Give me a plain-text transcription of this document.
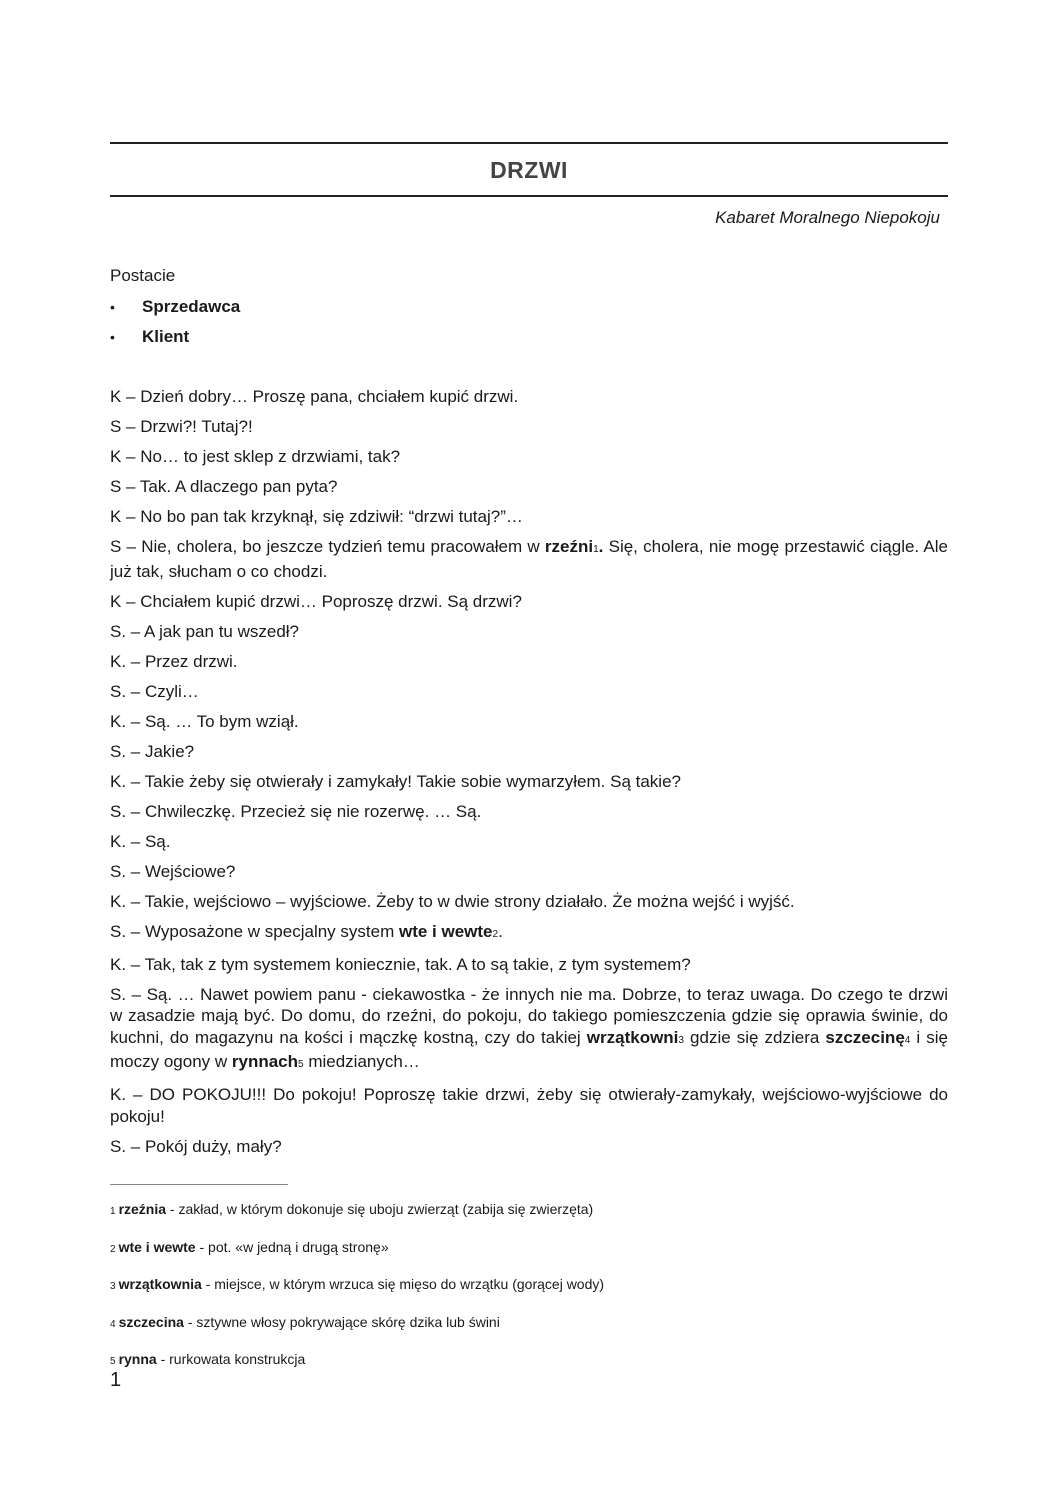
DRZWI
Kabaret Moralnego Niepokoju
Postacie
• Sprzedawca
• Klient

K – Dzień dobry… Proszę pana, chciałem kupić drzwi.

S – Drzwi?! Tutaj?!

K – No… to jest sklep z drzwiami, tak?

S – Tak. A dlaczego pan pyta?

K – No bo pan tak krzyknął, się zdziwił: “drzwi tutaj?”…

S – Nie, cholera, bo jeszcze tydzień temu pracowałem w rzeźni1. Się, cholera, nie mogę przestawić ciągle. Ale już tak, słucham o co chodzi.

K – Chciałem kupić drzwi… Poproszę drzwi. Są drzwi?

S. – A jak pan tu wszedł?

K. – Przez drzwi.

S. – Czyli…

K. – Są. … To bym wziął.

S. – Jakie?

K. – Takie żeby się otwierały i zamykały! Takie sobie wymarzyłem. Są takie?

S. – Chwileczkę. Przecież się nie rozerwę. … Są.

K. – Są.

S. – Wejściowe?

K. – Takie, wejściowo – wyjściowe. Żeby to w dwie strony działało. Że można wejść i wyjść.

S. – Wyposażone w specjalny system wte i wewte2.

K. – Tak, tak z tym systemem koniecznie, tak. A to są takie, z tym systemem?

S. – Są. … Nawet powiem panu - ciekawostka - że innych nie ma. Dobrze, to teraz uwaga. Do czego te drzwi w zasadzie mają być. Do domu, do rzeźni, do pokoju, do takiego pomieszczenia gdzie się oprawia świnie, do kuchni, do magazynu na kości i mączkę kostną, czy do takiej wrzątkowni3 gdzie się zdziera szczecinę4 i się moczy ogony w rynnach5 miedzianych…

K. – DO POKOJU!!! Do pokoju! Poproszę takie drzwi, żeby się otwierały-zamykały, wejściowo-wyjściowe do pokoju!

S. – Pokój duży, mały?

1 rzeźnia - zakład, w którym dokonuje się uboju zwierząt (zabija się zwierzęta)
2 wte i wewte - pot. «w jedną i drugą stronę»
3 wrzątkownia - miejsce, w którym wrzuca się mięso do wrzątku (gorącej wody)
4 szczecina - sztywne włosy pokrywające skórę dzika lub świni
5 rynna - rurkowata konstrukcja
1
